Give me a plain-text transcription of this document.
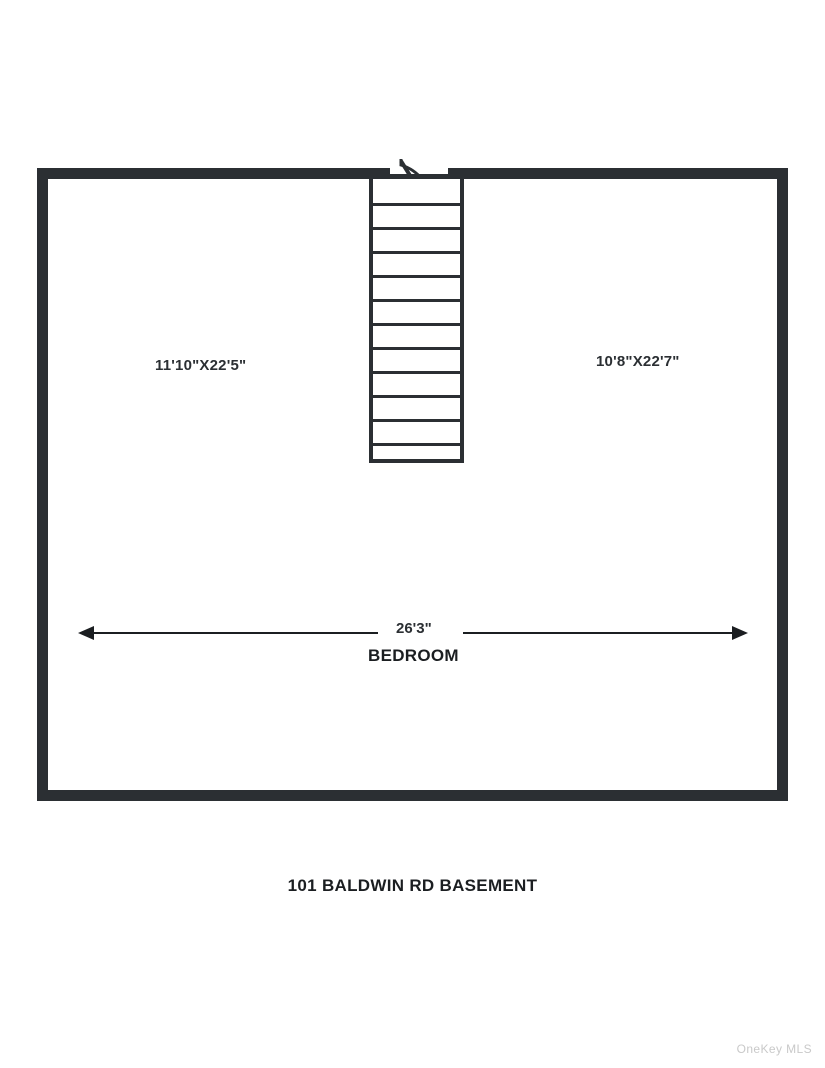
11'10"X22'5"	10'8"X22'7"
26'3"
BEDROOM
101 BALDWIN RD BASEMENT
OneKey MLS
